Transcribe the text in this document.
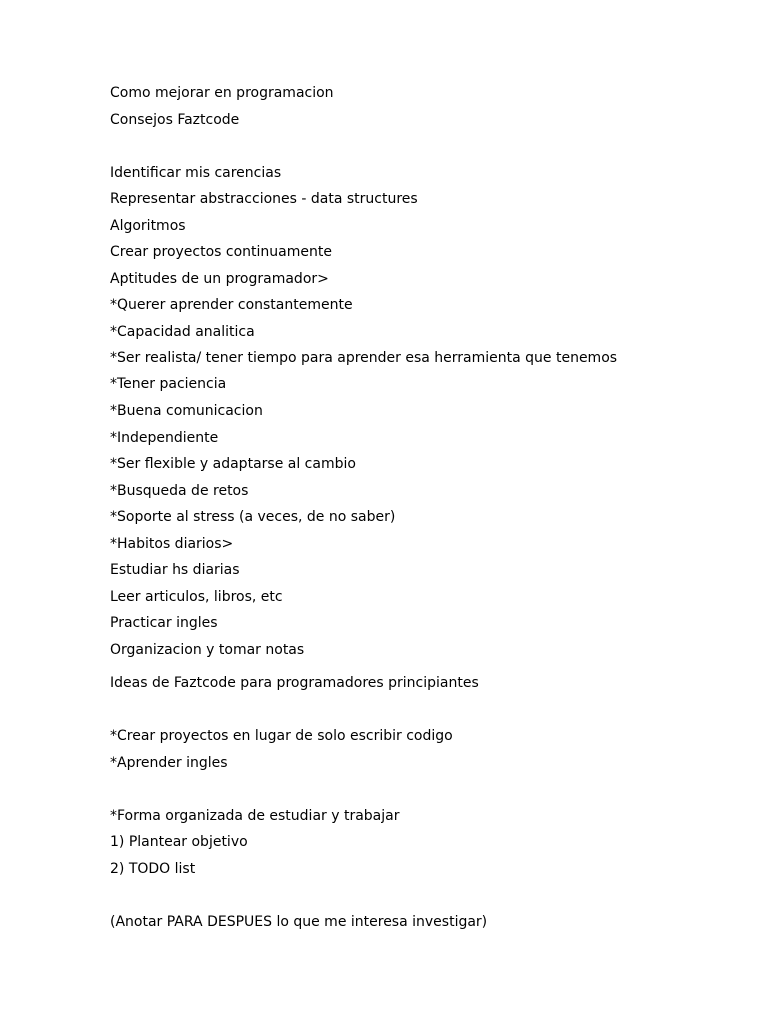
Como mejorar en programacion
Consejos Faztcode
Identificar mis carencias
Representar abstracciones - data structures
Algoritmos
Crear proyectos continuamente
Aptitudes de un programador>
*Querer aprender constantemente
*Capacidad analitica
*Ser realista/ tener tiempo para aprender esa herramienta que tenemos
*Tener paciencia
*Buena comunicacion
*Independiente
*Ser flexible y adaptarse al cambio
*Busqueda de retos
*Soporte al stress (a veces, de no saber)
*Habitos diarios>
Estudiar hs diarias
Leer articulos, libros, etc
Practicar ingles
Organizacion y tomar notas
Ideas de Faztcode para programadores principiantes
*Crear proyectos en lugar de solo escribir codigo
*Aprender ingles
*Forma organizada de estudiar y trabajar
1) Plantear objetivo
2) TODO list
(Anotar PARA DESPUES lo que me interesa investigar)
